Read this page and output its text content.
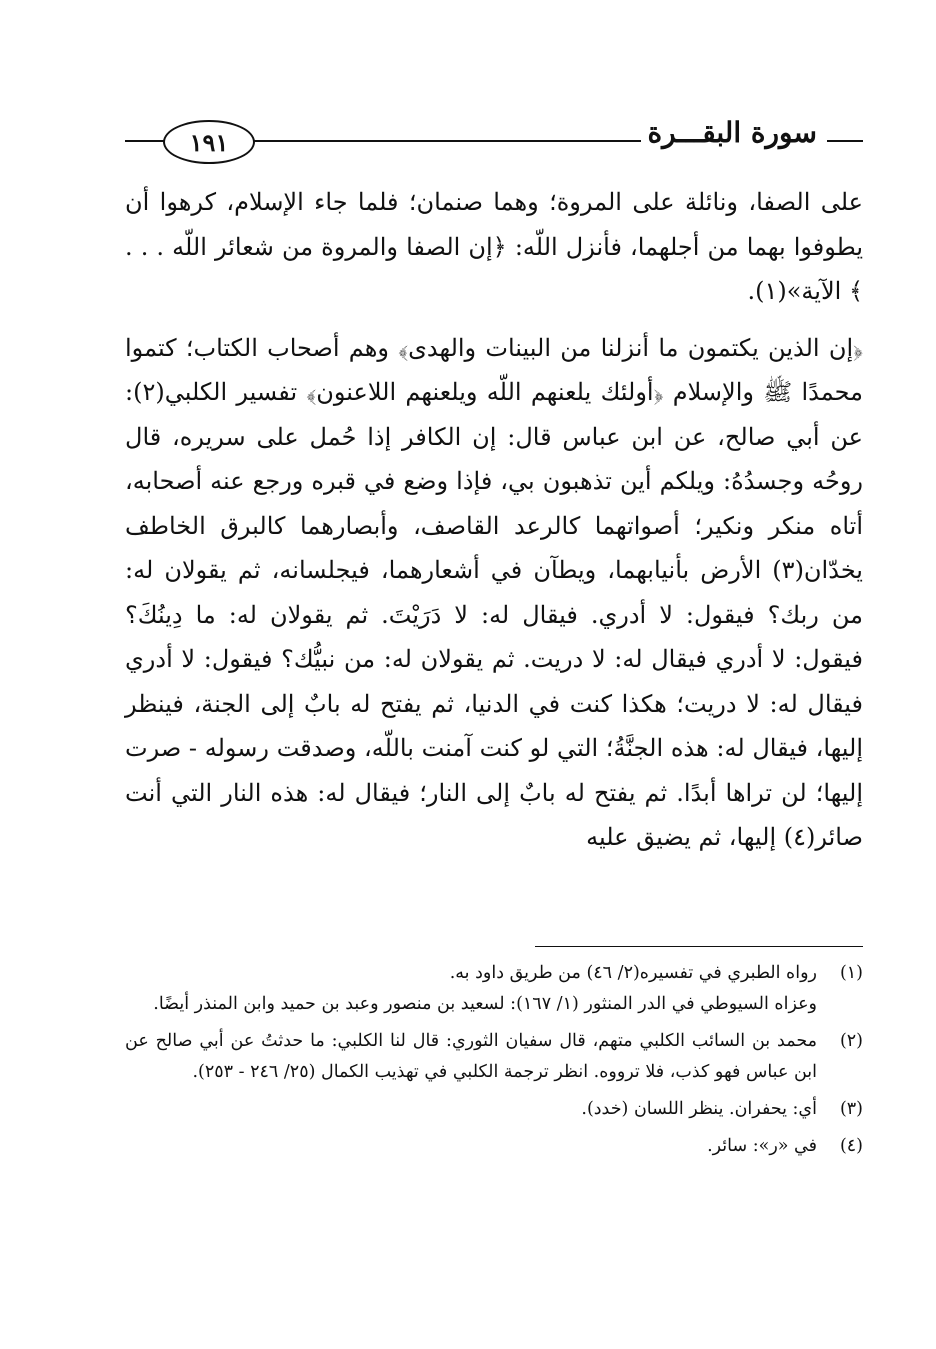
١٩١	سورة البقـــرة

على الصفا، ونائلة على المروة؛ وهما صنمان؛ فلما جاء الإسلام، كرهوا أن يطوفوا بهما من أجلهما، فأنزل اللّه: ﴿إن الصفا والمروة من شعائر اللّه . . . ﴾ الآية»(١).

﴿إن الذين يكتمون ما أنزلنا من البينات والهدى﴾ وهم أصحاب الكتاب؛ كتموا محمدًا ﷺ والإسلام ﴿أولئك يلعنهم اللّه ويلعنهم اللاعنون﴾ تفسير الكلبي(٢): عن أبي صالح، عن ابن عباس قال: إن الكافر إذا حُمل على سريره، قال روحُه وجسدُهُ: ويلكم أين تذهبون بي، فإذا وضع في قبره ورجع عنه أصحابه، أتاه منكر ونكير؛ أصواتهما كالرعد القاصف، وأبصارهما كالبرق الخاطف يخدّان(٣) الأرض بأنيابهما، ويطآن في أشعارهما، فيجلسانه، ثم يقولان له: من ربك؟ فيقول: لا أدري. فيقال له: لا دَرَيْتَ. ثم يقولان له: ما دِينُكَ؟ فيقول: لا أدري فيقال له: لا دريت. ثم يقولان له: من نبيُّك؟ فيقول: لا أدري فيقال له: لا دريت؛ هكذا كنت في الدنيا، ثم يفتح له بابٌ إلى الجنة، فينظر إليها، فيقال له: هذه الجنَّةُ؛ التي لو كنت آمنت باللّه، وصدقت رسوله - صرت إليها؛ لن تراها أبدًا. ثم يفتح له بابٌ إلى النار؛ فيقال له: هذه النار التي أنت صائر(٤) إليها، ثم يضيق عليه

(١)
رواه الطبري في تفسيره(٢/ ٤٦) من طريق داود به.
وعزاه السيوطي في الدر المنثور (١/ ١٦٧): لسعيد بن منصور وعبد بن حميد وابن المنذر أيضًا.
(٢)
محمد بن السائب الكلبي متهم، قال سفيان الثوري: قال لنا الكلبي: ما حدثتُ عن أبي صالح عن ابن عباس فهو كذب، فلا ترووه. انظر ترجمة الكلبي في تهذيب الكمال (٢٥/ ٢٤٦ - ٢٥٣).
(٣)
أي: يحفران. ينظر اللسان (خدد).
(٤)
في «ر»: سائر.
